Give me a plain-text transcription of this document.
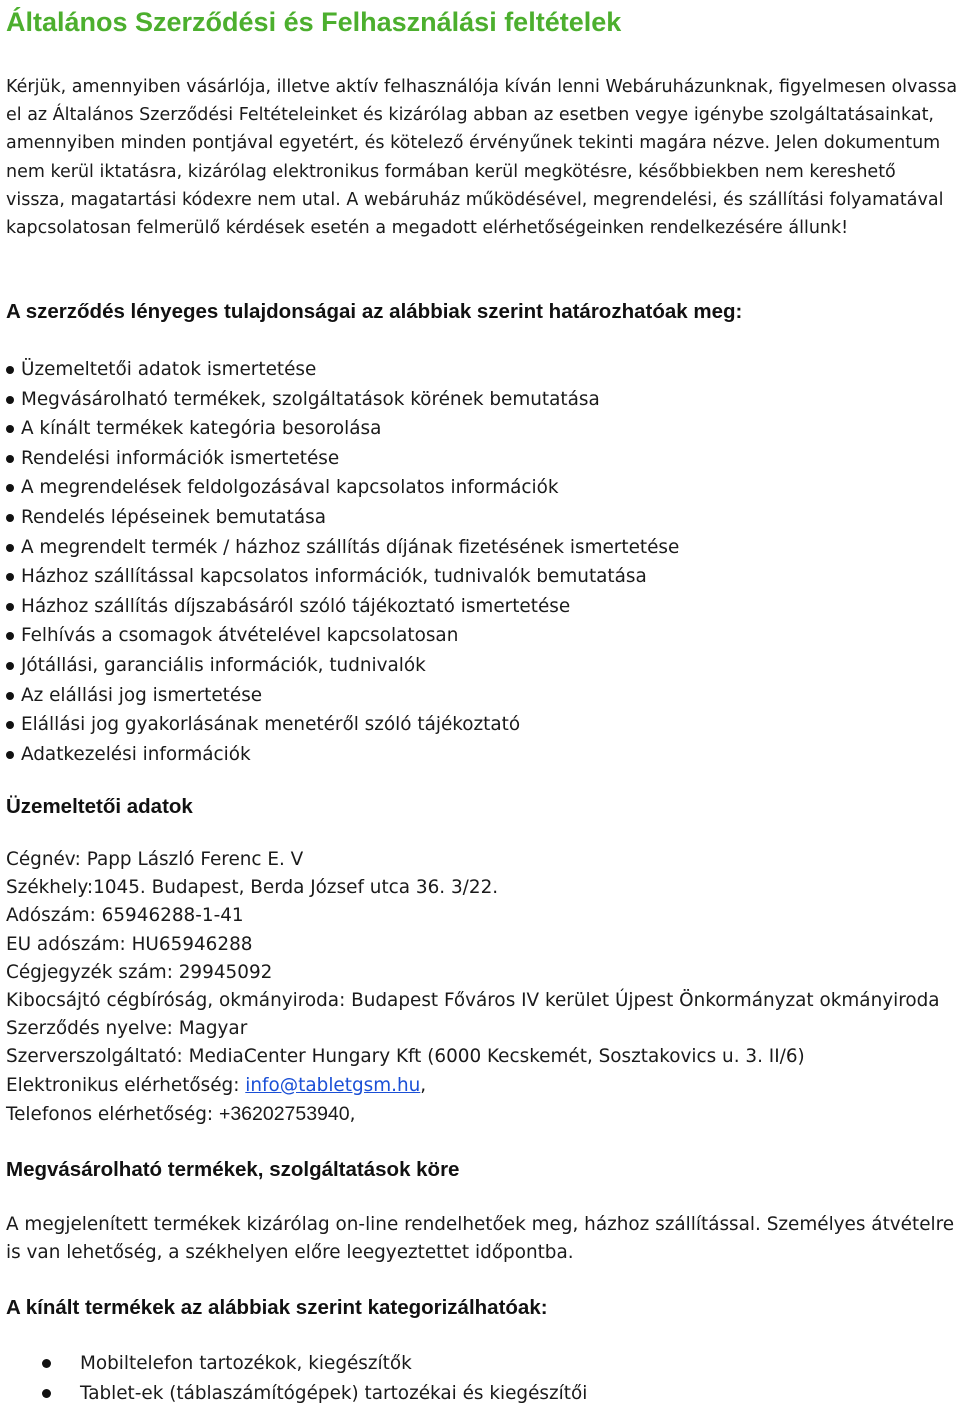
Általános Szerződési és Felhasználási feltételek
Kérjük, amennyiben vásárlója, illetve aktív felhasználója kíván lenni Webáruházunknak, figyelmesen olvassa el az Általános Szerződési Feltételeinket és kizárólag abban az esetben vegye igénybe szolgáltatásainkat, amennyiben minden pontjával egyetért, és kötelező érvényűnek tekinti magára nézve. Jelen dokumentum nem kerül iktatásra, kizárólag elektronikus formában kerül megkötésre, későbbiekben nem kereshető vissza, magatartási kódexre nem utal. A webáruház működésével, megrendelési, és szállítási folyamatával kapcsolatosan felmerülő kérdések esetén a megadott elérhetőségeinken rendelkezésére állunk!
A szerződés lényeges tulajdonságai az alábbiak szerint határozhatóak meg:
Üzemeltetői adatok ismertetése
Megvásárolható termékek, szolgáltatások körének bemutatása
A kínált termékek kategória besorolása
Rendelési információk ismertetése
A megrendelések feldolgozásával kapcsolatos információk
Rendelés lépéseinek bemutatása
A megrendelt termék / házhoz szállítás díjának fizetésének ismertetése
Házhoz szállítással kapcsolatos információk, tudnivalók bemutatása
Házhoz szállítás díjszabásáról szóló tájékoztató ismertetése
Felhívás a csomagok átvételével kapcsolatosan
Jótállási, garanciális információk, tudnivalók
Az elállási jog ismertetése
Elállási jog gyakorlásának menetéről szóló tájékoztató
Adatkezelési információk
Üzemeltetői adatok
Cégnév: Papp László Ferenc E. V
Székhely:1045. Budapest, Berda József utca 36. 3/22.
Adószám: 65946288-1-41
EU adószám: HU65946288
Cégjegyzék szám: 29945092
Kibocsájtó cégbíróság, okmányiroda: Budapest Főváros IV kerület Újpest Önkormányzat okmányiroda
Szerződés nyelve: Magyar
Szerverszolgáltató: MediaCenter Hungary Kft (6000 Kecskemét, Sosztakovics u. 3. II/6)
Elektronikus elérhetőség: info@tabletgsm.hu,
Telefonos elérhetőség: +36202753940,
Megvásárolható termékek, szolgáltatások köre
A megjelenített termékek kizárólag on-line rendelhetőek meg, házhoz szállítással. Személyes átvételre is van lehetőség, a székhelyen előre leegyeztettet időpontba.
A kínált termékek az alábbiak szerint kategorizálhatóak:
Mobiltelefon tartozékok, kiegészítők
Tablet-ek (táblaszámítógépek) tartozékai és kiegészítői
